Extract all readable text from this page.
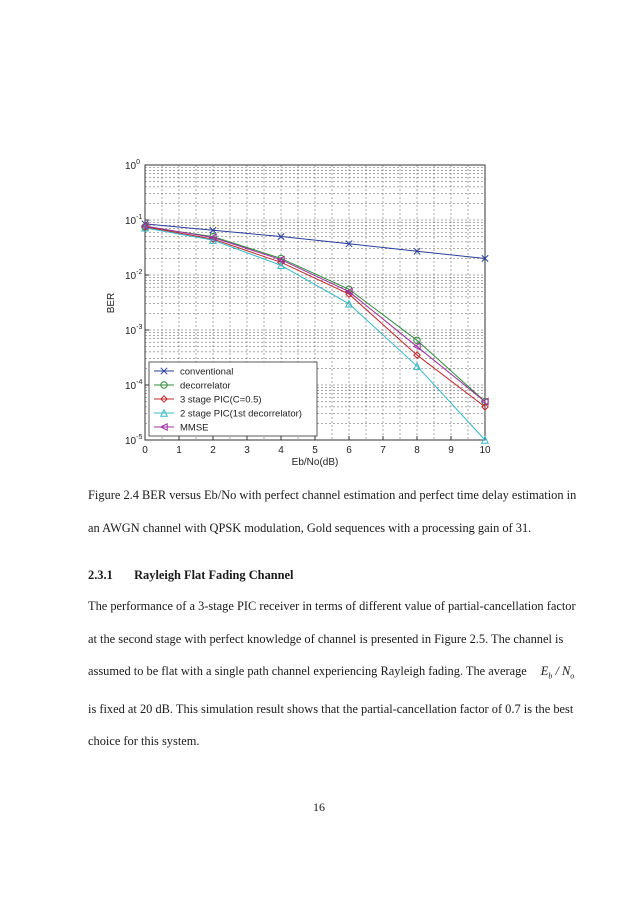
0	1	2	3	4	5	6	7	8	9	10
$10^0$
$10^{-1}$
$10^{-2}$
$10^{-3}$
$10^{-4}$
$10^{-5}$
Eb/No(dB)
BER
conventional
decorrelator
3 stage PIC(C=0.5)
2 stage PIC(1st decorrelator)
MMSE
Figure 2.4 BER versus Eb/No with perfect channel estimation and perfect time delay estimation in
an AWGN channel with QPSK modulation, Gold sequences with a processing gain of 31.
2.3.1 Rayleigh Flat Fading Channel
The performance of a 3-stage PIC receiver in terms of different value of partial-cancellation factor
at the second stage with perfect knowledge of channel is presented in Figure 2.5. The channel is
assumed to be flat with a single path channel experiencing Rayleigh fading. The average $E_b / N_o$
is fixed at 20 dB. This simulation result shows that the partial-cancellation factor of 0.7 is the best
choice for this system.
16
